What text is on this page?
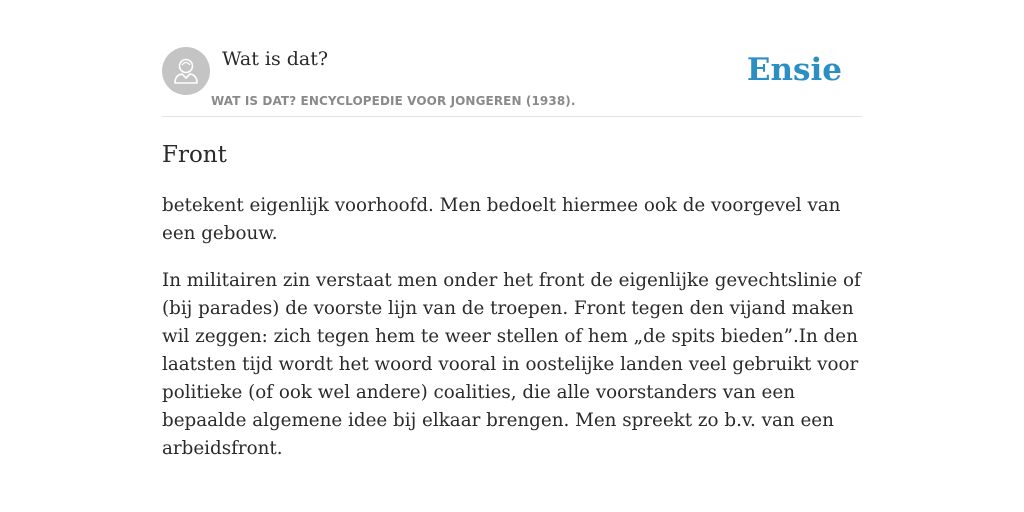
Wat is dat?
WAT IS DAT? ENCYCLOPEDIE VOOR JONGEREN (1938).
Ensie
Front

betekent eigenlijk voorhoofd. Men bedoelt hiermee ook de voorgevel van een gebouw.

In militairen zin verstaat men onder het front de eigenlijke gevechtslinie of (bij parades) de voorste lijn van de troepen. Front tegen den vijand maken wil zeggen: zich tegen hem te weer stellen of hem „de spits bieden”.In den laatsten tijd wordt het woord vooral in oostelijke landen veel gebruikt voor politieke (of ook wel andere) coalities, die alle voorstanders van een bepaalde algemene idee bij elkaar brengen. Men spreekt zo b.v. van een arbeidsfront.
